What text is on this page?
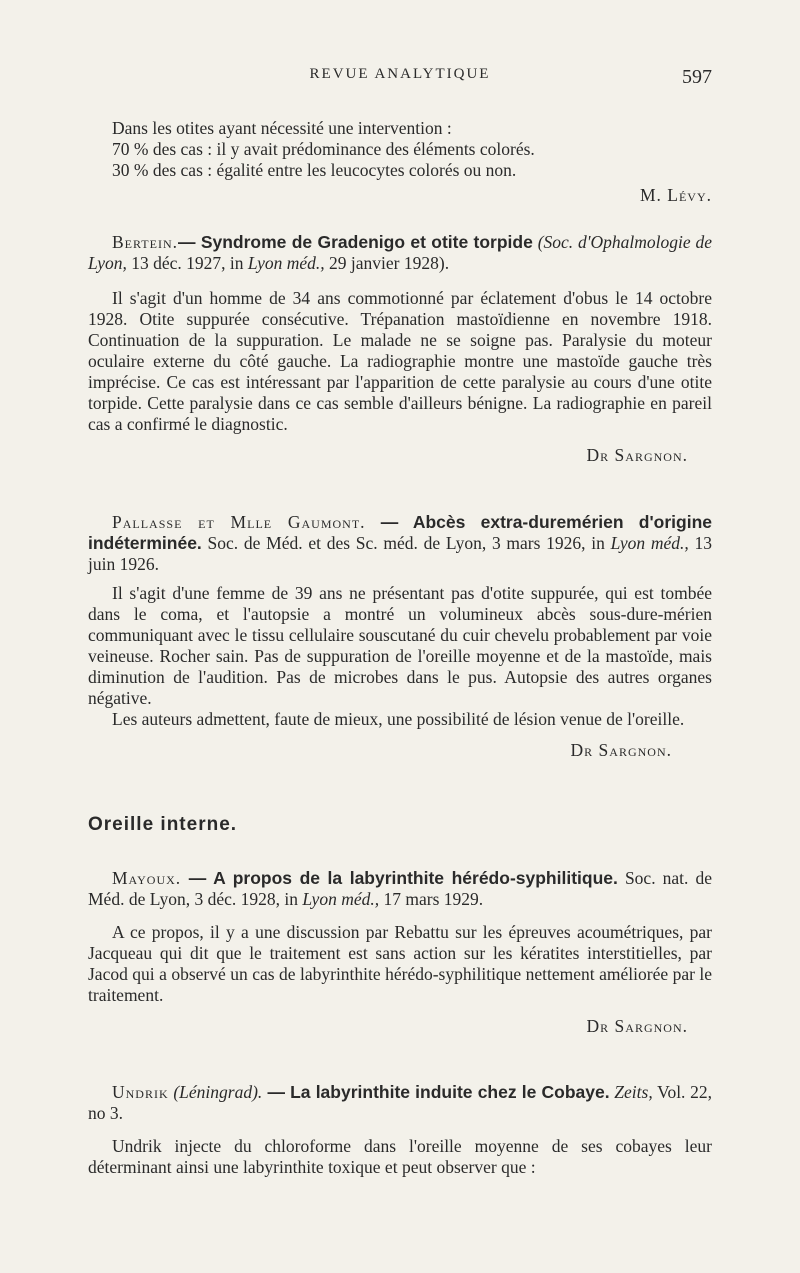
REVUE ANALYTIQUE	597

Dans les otites ayant nécessité une intervention :

70 % des cas : il y avait prédominance des éléments colorés.

30 % des cas : égalité entre les leucocytes colorés ou non.

M. Lévy.

Bertein.— Syndrome de Gradenigo et otite torpide (Soc. d'Ophalmologie de Lyon, 13 déc. 1927, in Lyon méd., 29 janvier 1928).

Il s'agit d'un homme de 34 ans commotionné par éclatement d'obus le 14 octobre 1928. Otite suppurée consécutive. Trépanation mastoïdienne en novembre 1918. Continuation de la suppuration. Le malade ne se soigne pas. Paralysie du moteur oculaire externe du côté gauche. La radiographie montre une mastoïde gauche très imprécise. Ce cas est intéressant par l'apparition de cette paralysie au cours d'une otite torpide. Cette paralysie dans ce cas semble d'ailleurs bénigne. La radiographie en pareil cas a confirmé le diagnostic.

Dr Sargnon.

Pallasse et Mlle Gaumont. — Abcès extra-duremérien d'origine indéterminée. Soc. de Méd. et des Sc. méd. de Lyon, 3 mars 1926, in Lyon méd., 13 juin 1926.

Il s'agit d'une femme de 39 ans ne présentant pas d'otite suppurée, qui est tombée dans le coma, et l'autopsie a montré un volumineux abcès sous-dure-mérien communiquant avec le tissu cellulaire souscutané du cuir chevelu probablement par voie veineuse. Rocher sain. Pas de suppuration de l'oreille moyenne et de la mastoïde, mais diminution de l'audition. Pas de microbes dans le pus. Autopsie des autres organes négative.

Les auteurs admettent, faute de mieux, une possibilité de lésion venue de l'oreille.

Dr Sargnon.

Oreille interne.

Mayoux. — A propos de la labyrinthite hérédo-syphilitique. Soc. nat. de Méd. de Lyon, 3 déc. 1928, in Lyon méd., 17 mars 1929.

A ce propos, il y a une discussion par Rebattu sur les épreuves acoumétriques, par Jacqueau qui dit que le traitement est sans action sur les kératites interstitielles, par Jacod qui a observé un cas de labyrinthite hérédo-syphilitique nettement améliorée par le traitement.

Dr Sargnon.

Undrik (Léningrad). — La labyrinthite induite chez le Cobaye. Zeits, Vol. 22, no 3.

Undrik injecte du chloroforme dans l'oreille moyenne de ses cobayes leur déterminant ainsi une labyrinthite toxique et peut observer que :
